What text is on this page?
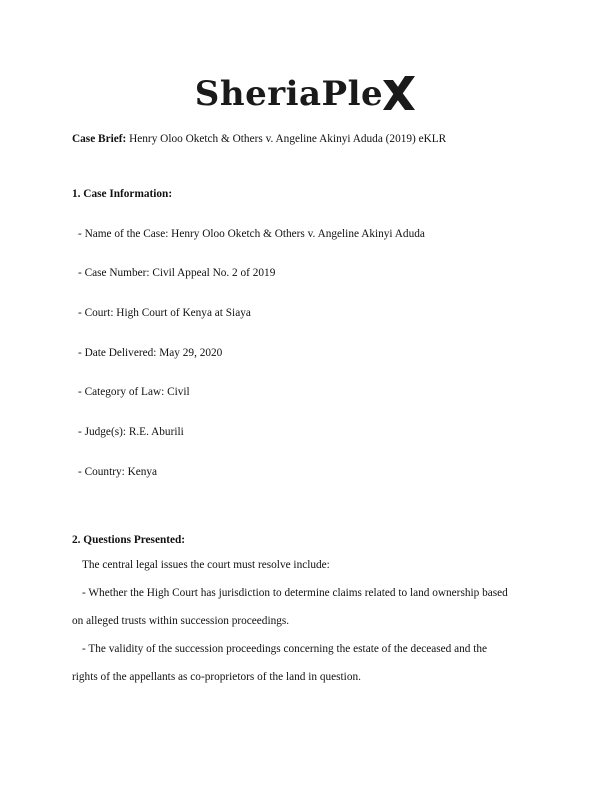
SheriaPle
Case Brief: Henry Oloo Oketch & Others v. Angeline Akinyi Aduda (2019) eKLR
1. Case Information:
- Name of the Case: Henry Oloo Oketch & Others v. Angeline Akinyi Aduda
- Case Number: Civil Appeal No. 2 of 2019
- Court: High Court of Kenya at Siaya
- Date Delivered: May 29, 2020
- Category of Law: Civil
- Judge(s): R.E. Aburili
- Country: Kenya
2. Questions Presented:
The central legal issues the court must resolve include:
- Whether the High Court has jurisdiction to determine claims related to land ownership based
on alleged trusts within succession proceedings.
- The validity of the succession proceedings concerning the estate of the deceased and the
rights of the appellants as co-proprietors of the land in question.
